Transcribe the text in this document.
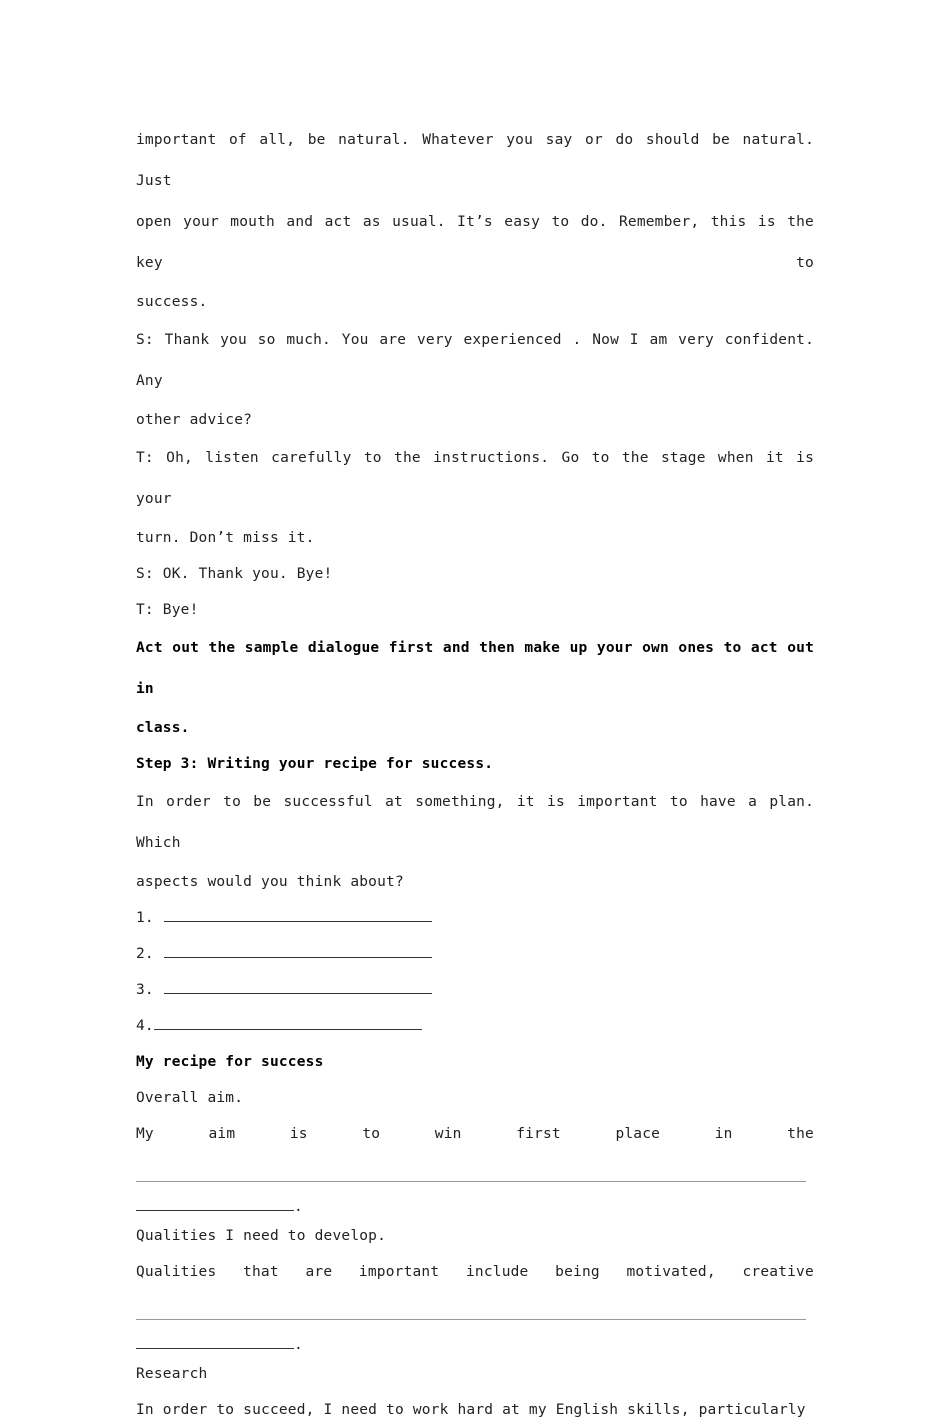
important of all, be natural. Whatever you say or do should be natural. Just

open your mouth and act as usual. It’s easy to do. Remember, this is the key to

success.

S: Thank you so much. You are very experienced . Now I am very confident. Any

other advice?

T: Oh, listen carefully to the instructions. Go to the stage when it is your

turn. Don’t miss it.

S: OK. Thank you. Bye!

T: Bye!

Act out the sample dialogue first and then make up your own ones to act out in

class.

Step 3: Writing your recipe for success.

In order to be successful at something, it is important to have a plan. Which

aspects would you think about?

1.
2.
3.
4.

My recipe for success

Overall aim.

My	aim	is	to	win	first	place	in	the
.

Qualities I need to develop.

Qualities that are important include being motivated, creative
.

Research

In order to succeed, I need to work hard at my English skills, particularly
